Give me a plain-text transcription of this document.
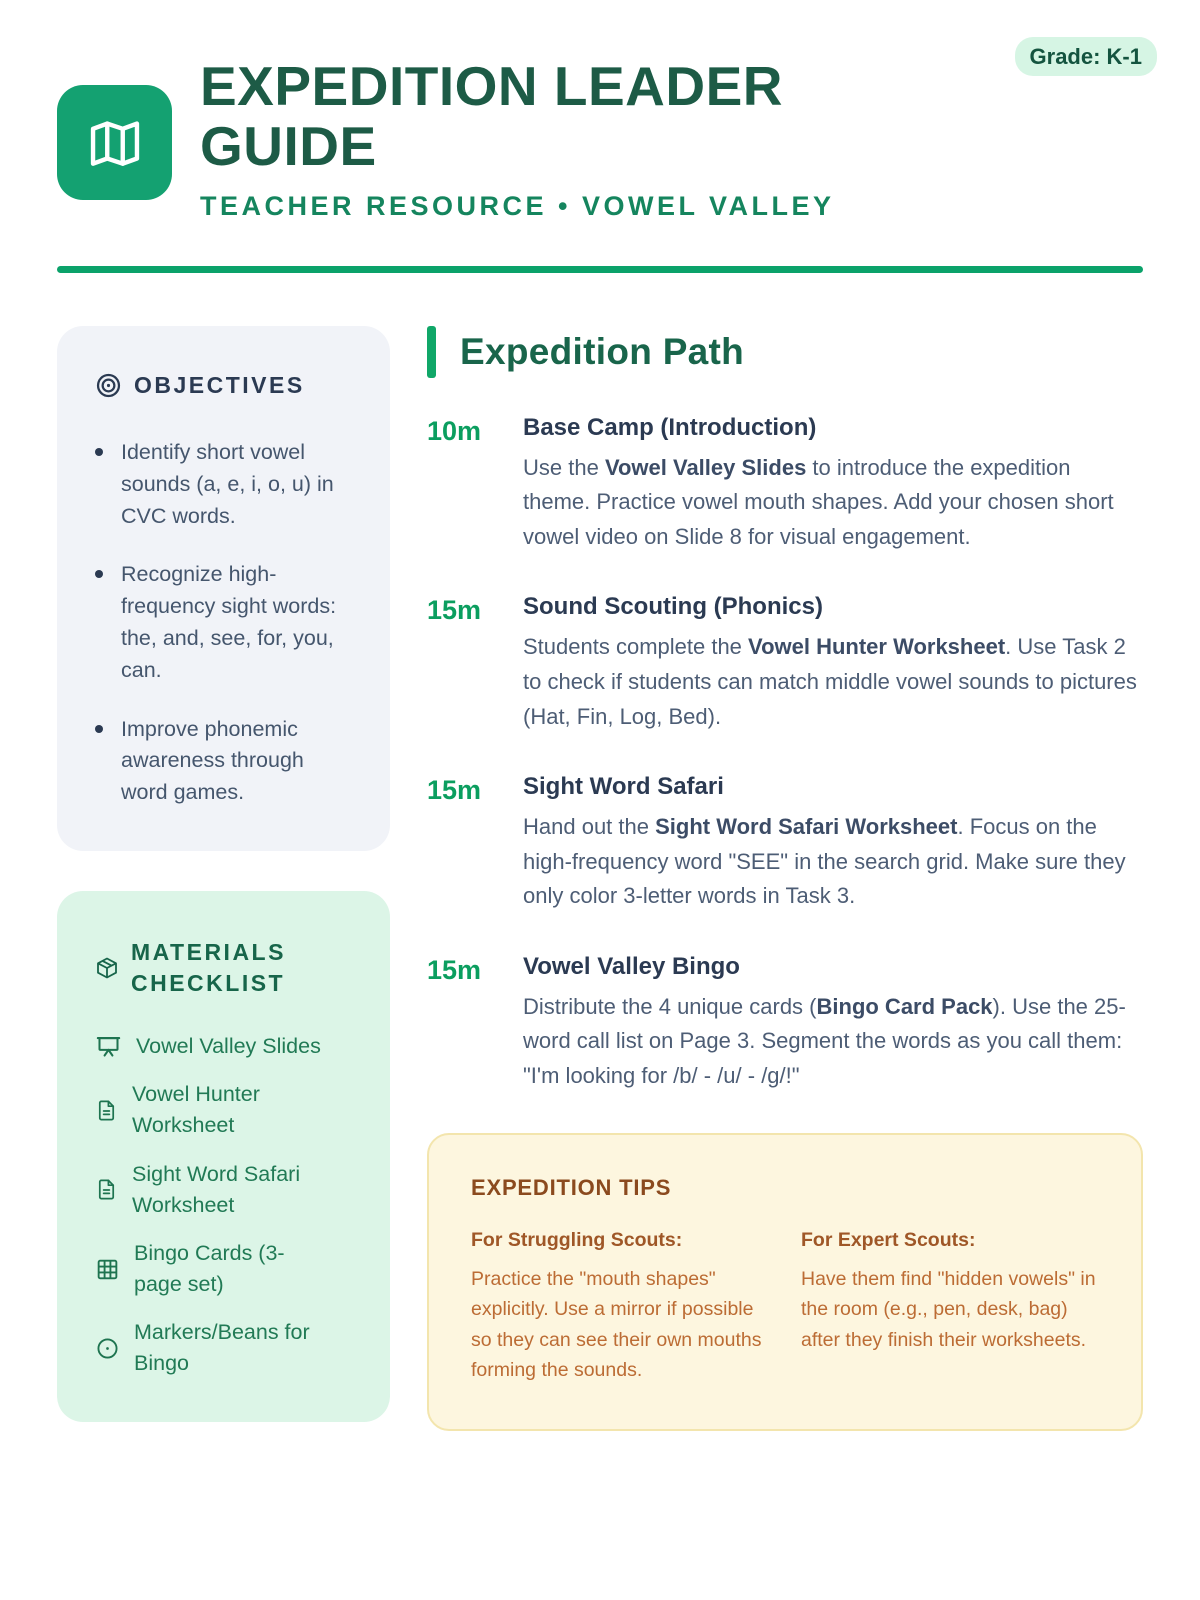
EXPEDITION LEADER GUIDE
TEACHER RESOURCE • VOWEL VALLEY
Grade: K-1
OBJECTIVES
Identify short vowel sounds (a, e, i, o, u) in CVC words.
Recognize high-frequency sight words: the, and, see, for, you, can.
Improve phonemic awareness through word games.
MATERIALS CHECKLIST
Vowel Valley Slides
Vowel Hunter Worksheet
Sight Word Safari Worksheet
Bingo Cards (3-page set)
Markers/Beans for Bingo
Expedition Path
10m	Base Camp (Introduction)
Use the Vowel Valley Slides to introduce the expedition theme. Practice vowel mouth shapes. Add your chosen short vowel video on Slide 8 for visual engagement.
15m	Sound Scouting (Phonics)
Students complete the Vowel Hunter Worksheet. Use Task 2 to check if students can match middle vowel sounds to pictures (Hat, Fin, Log, Bed).
15m	Sight Word Safari
Hand out the Sight Word Safari Worksheet. Focus on the high-frequency word "SEE" in the search grid. Make sure they only color 3-letter words in Task 3.
15m	Vowel Valley Bingo
Distribute the 4 unique cards (Bingo Card Pack). Use the 25-word call list on Page 3. Segment the words as you call them: "I'm looking for /b/ - /u/ - /g/!"
EXPEDITION TIPS
For Struggling Scouts:
Practice the "mouth shapes" explicitly. Use a mirror if possible so they can see their own mouths forming the sounds.
For Expert Scouts:
Have them find "hidden vowels" in the room (e.g., pen, desk, bag) after they finish their worksheets.
